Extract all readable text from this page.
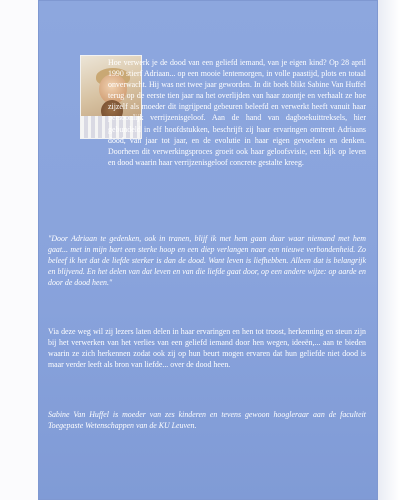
Hoe verwerk je de dood van een geliefd iemand, van je eigen kind? Op 28 april 1990 stierf Adriaan... op een mooie lentemorgen, in volle paastijd, plots en totaal onverwacht. Hij was net twee jaar geworden. In dit boek blikt Sabine Van Huffel terug op de eerste tien jaar na het overlijden van haar zoontje en verhaalt ze hoe zijzelf als moeder dit ingrijpend gebeuren beleefd en verwerkt heeft vanuit haar persoonlijk verrijzenisgeloof. Aan de hand van dagboekuittreksels, hier gebundeld in elf hoofdstukken, beschrijft zij haar ervaringen omtrent Adriaans dood, van jaar tot jaar, en de evolutie in haar eigen gevoelens en denken. Doorheen dit verwerkingsproces groeit ook haar geloofsvisie, een kijk op leven en dood waarin haar verrijzenisgeloof concrete gestalte kreeg.

"Door Adriaan te gedenken, ook in tranen, blijf ik met hem gaan daar waar niemand met hem gaat... met in mijn hart een sterke hoop en een diep verlangen naar een nieuwe verbondenheid. Zo beleef ik het dat de liefde sterker is dan de dood. Want leven is liefhebben. Alleen dat is belangrijk en blijvend. En het delen van dat leven en van die liefde gaat door, op een andere wijze: op aarde en door de dood heen."

Via deze weg wil zij lezers laten delen in haar ervaringen en hen tot troost, herkenning en steun zijn bij het verwerken van het verlies van een geliefd iemand door hen wegen, ideeën,... aan te bieden waarin ze zich herkennen zodat ook zij op hun beurt mogen ervaren dat hun geliefde niet dood is maar verder leeft als bron van liefde... over de dood heen.

Sabine Van Huffel is moeder van zes kinderen en tevens gewoon hoogleraar aan de faculteit Toegepaste Wetenschappen van de KU Leuven.
